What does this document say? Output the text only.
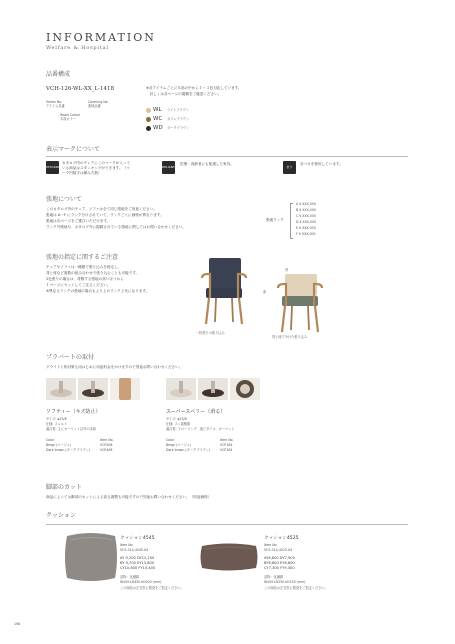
INFORMATION
Welfare & Hospital
品番構成
VCH-126-WL-XX_L-1418
Series No.
アイテム品番
Covering No.
張地品番
Wood Colour
木部カラー
※各アイテムごとに木部の中から１〜３色対応しています。
　詳しくは各ページの掲載をご確認ください。
WL ライトブラウン
WC カフェブラウン
WD ダークブラウン
表示マークについて
STACKING
カタログ内のチェアにこのマークが入っている商品はスタッキングができます。（マーク内数字は積み方数）
RELIANT
医療・高齢者にも配慮した家具。
抗ウ
各パネを使用しています。
張地について
このカタログ内のチェア、ソファは全て同じ張地をご用意ください。
張地は A〜F にランク分けされていて、ランクごとに価格が異なります。
張地は各ページをご選びいただけます。
ランク外張地や、カタログ外に掲載されている張地に関してはお問い合わせください。
張地ランク
A ¥ XXX,000
B ¥ XXX,000
C ¥ XXX,000
D ¥ XXX,000
E ¥ XXX,000
F ¥ XXX,000
張地の指定に関するご注意
チェアやソファは一種類で張り込みを指定し、
背と座など複数の組み合わせで張り込むことも可能です。
2色張りの場合は、背側する張地の高いほうから
１ページにセットしてご注文ください。
※異なるランクの張地の場合もより上のランク上代になります。
一枚張りの張り込み
背
座
背と座で分けた張り込み
プラバートの取付
グライドと相対策も用はじめに用途料金をかけますので別途お問い合わせください。
ソフティー（キズ防止）
サイズ: φ23/8
仕様: フェルト
適合材: 主にカーペット以外の床面
Color	Item No.
Beige (ベージュ)	VCP408
Dark brown (ダークブラウン)	VCP408
スーパースベリー（滑る）
サイズ: φ23/8
仕様: フッ素樹脂
適合材: フローリング、塩ビタイル、カーペット
Color	Item No.
Beige (ベージュ)	VCP184
Dark brown (ダークブラウン)	VCP184
脚部のカット
商品によっては脚部のカットによる高さ調整も可能ですので別途お問い合わせください。（別途価格）
クッション
クッション4545
Item No.
VCS-014-4545-XX
AY 9,200 DY12,200
BY 9,700 EY13,800
CY10,800 FY15,400
詰物：化繊綿
W450×D450×H200 (mm)
この商品は左右別に製造をご指定ください。
クッション4525
Item No.
VCS-014-4525-XX
AY6,800 DY7,900
BY6,800 EY8,600
CY7,300 FY9,300
詰物：化繊綿
W450×D250×H130 (mm)
この商品は左右別に製造をご指定ください。
198
